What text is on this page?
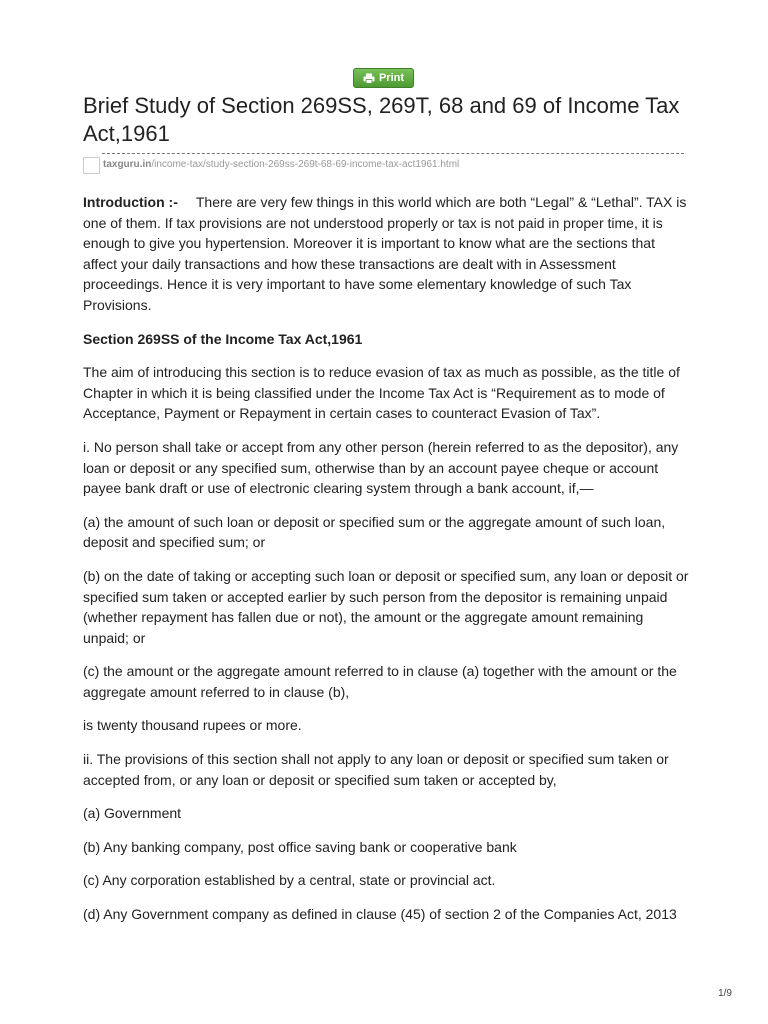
Print
Brief Study of Section 269SS, 269T, 68 and 69 of Income Tax Act,1961
taxguru.in/income-tax/study-section-269ss-269t-68-69-income-tax-act1961.html

Introduction :- There are very few things in this world which are both “Legal” & “Lethal”. TAX is one of them. If tax provisions are not understood properly or tax is not paid in proper time, it is enough to give you hypertension. Moreover it is important to know what are the sections that affect your daily transactions and how these transactions are dealt with in Assessment proceedings. Hence it is very important to have some elementary knowledge of such Tax Provisions.

Section 269SS of the Income Tax Act,1961

The aim of introducing this section is to reduce evasion of tax as much as possible, as the title of Chapter in which it is being classified under the Income Tax Act is “Requirement as to mode of Acceptance, Payment or Repayment in certain cases to counteract Evasion of Tax”.

i. No person shall take or accept from any other person (herein referred to as the depositor), any loan or deposit or any specified sum, otherwise than by an account payee cheque or account payee bank draft or use of electronic clearing system through a bank account, if,—

(a) the amount of such loan or deposit or specified sum or the aggregate amount of such loan, deposit and specified sum; or

(b) on the date of taking or accepting such loan or deposit or specified sum, any loan or deposit or specified sum taken or accepted earlier by such person from the depositor is remaining unpaid (whether repayment has fallen due or not), the amount or the aggregate amount remaining unpaid; or

(c) the amount or the aggregate amount referred to in clause (a) together with the amount or the aggregate amount referred to in clause (b),

is twenty thousand rupees or more.

ii. The provisions of this section shall not apply to any loan or deposit or specified sum taken or accepted from, or any loan or deposit or specified sum taken or accepted by,

(a) Government

(b) Any banking company, post office saving bank or cooperative bank

(c) Any corporation established by a central, state or provincial act.

(d) Any Government company as defined in clause (45) of section 2 of the Companies Act, 2013

1/9
